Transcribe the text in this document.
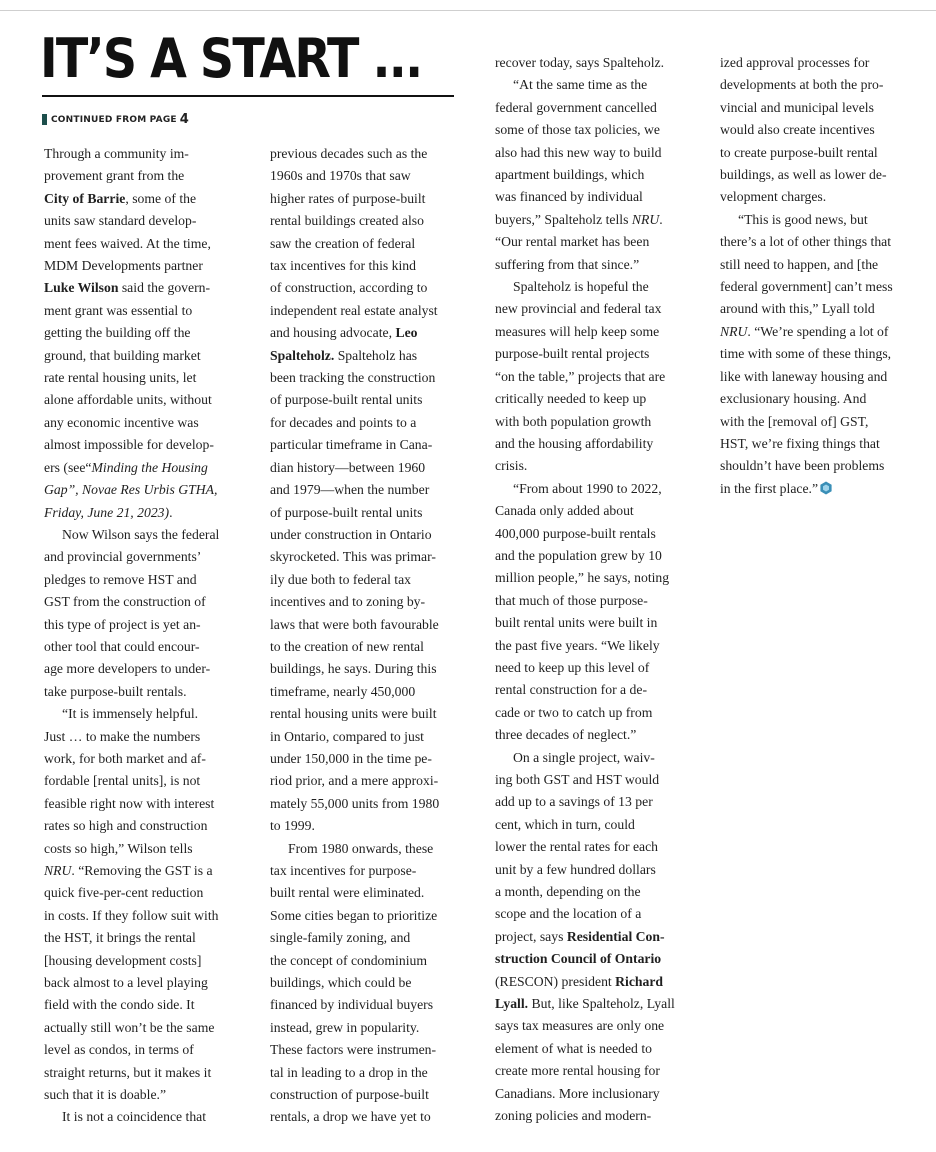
IT’S A START ...
CONTINUED FROM PAGE 4
Through a community im-
provement grant from the
City of Barrie, some of the
units saw standard develop-
ment fees waived. At the time,
MDM Developments partner
Luke Wilson said the govern-
ment grant was essential to
getting the building off the
ground, that building market
rate rental housing units, let
alone affordable units, without
any economic incentive was
almost impossible for develop-
ers (see“Minding the Housing
Gap”, Novae Res Urbis GTHA,
Friday, June 21, 2023).
Now Wilson says the federal
and provincial governments’
pledges to remove HST and
GST from the construction of
this type of project is yet an-
other tool that could encour-
age more developers to under-
take purpose-built rentals.
“It is immensely helpful.
Just … to make the numbers
work, for both market and af-
fordable [rental units], is not
feasible right now with interest
rates so high and construction
costs so high,” Wilson tells
NRU. “Removing the GST is a
quick five-per-cent reduction
in costs. If they follow suit with
the HST, it brings the rental
[housing development costs]
back almost to a level playing
field with the condo side. It
actually still won’t be the same
level as condos, in terms of
straight returns, but it makes it
such that it is doable.”
It is not a coincidence that
previous decades such as the
1960s and 1970s that saw
higher rates of purpose-built
rental buildings created also
saw the creation of federal
tax incentives for this kind
of construction, according to
independent real estate analyst
and housing advocate, Leo
Spalteholz. Spalteholz has
been tracking the construction
of purpose-built rental units
for decades and points to a
particular timeframe in Cana-
dian history—between 1960
and 1979—when the number
of purpose-built rental units
under construction in Ontario
skyrocketed. This was primar-
ily due both to federal tax
incentives and to zoning by-
laws that were both favourable
to the creation of new rental
buildings, he says. During this
timeframe, nearly 450,000
rental housing units were built
in Ontario, compared to just
under 150,000 in the time pe-
riod prior, and a mere approxi-
mately 55,000 units from 1980
to 1999.
From 1980 onwards, these
tax incentives for purpose-
built rental were eliminated.
Some cities began to prioritize
single-family zoning, and
the concept of condominium
buildings, which could be
financed by individual buyers
instead, grew in popularity.
These factors were instrumen-
tal in leading to a drop in the
construction of purpose-built
rentals, a drop we have yet to
recover today, says Spalteholz.
“At the same time as the
federal government cancelled
some of those tax policies, we
also had this new way to build
apartment buildings, which
was financed by individual
buyers,” Spalteholz tells NRU.
“Our rental market has been
suffering from that since.”
Spalteholz is hopeful the
new provincial and federal tax
measures will help keep some
purpose-built rental projects
“on the table,” projects that are
critically needed to keep up
with both population growth
and the housing affordability
crisis.
“From about 1990 to 2022,
Canada only added about
400,000 purpose-built rentals
and the population grew by 10
million people,” he says, noting
that much of those purpose-
built rental units were built in
the past five years. “We likely
need to keep up this level of
rental construction for a de-
cade or two to catch up from
three decades of neglect.”
On a single project, waiv-
ing both GST and HST would
add up to a savings of 13 per
cent, which in turn, could
lower the rental rates for each
unit by a few hundred dollars
a month, depending on the
scope and the location of a
project, says Residential Con-
struction Council of Ontario
(RESCON) president Richard
Lyall. But, like Spalteholz, Lyall
says tax measures are only one
element of what is needed to
create more rental housing for
Canadians. More inclusionary
zoning policies and modern-
ized approval processes for
developments at both the pro-
vincial and municipal levels
would also create incentives
to create purpose-built rental
buildings, as well as lower de-
velopment charges.
“This is good news, but
there’s a lot of other things that
still need to happen, and [the
federal government] can’t mess
around with this,” Lyall told
NRU. “We’re spending a lot of
time with some of these things,
like with laneway housing and
exclusionary housing. And
with the [removal of] GST,
HST, we’re fixing things that
shouldn’t have been problems
in the first place.”
